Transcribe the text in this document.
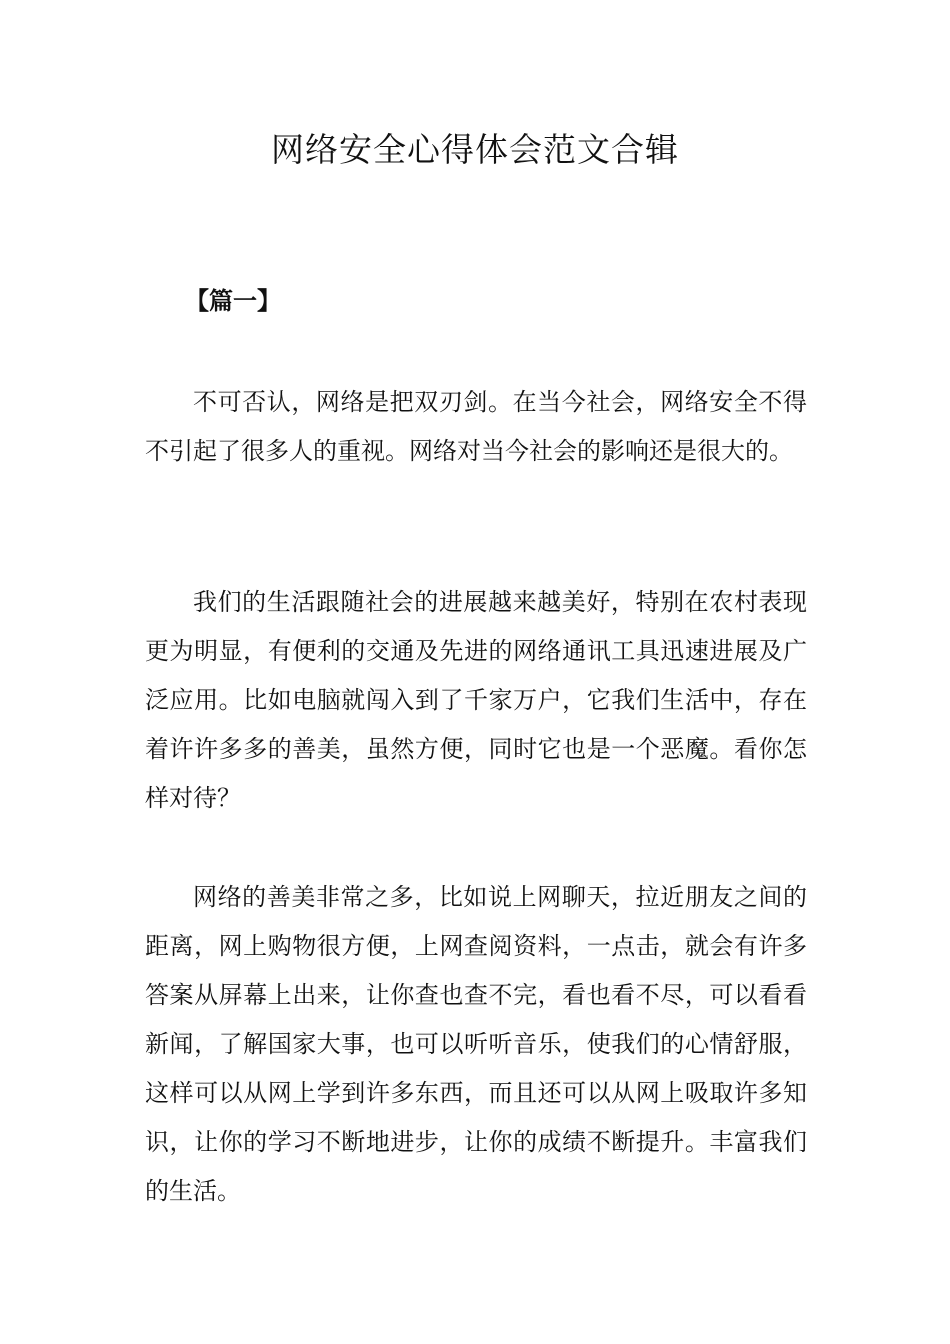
网络安全心得体会范文合辑

【篇一】

不可否认，网络是把双刃剑。在当今社会，网络安全不得不引起了很多人的重视。网络对当今社会的影响还是很大的。

我们的生活跟随社会的进展越来越美好，特别在农村表现更为明显，有便利的交通及先进的网络通讯工具迅速进展及广泛应用。比如电脑就闯入到了千家万户，它我们生活中，存在着许许多多的善美，虽然方便，同时它也是一个恶魔。看你怎样对待？

网络的善美非常之多，比如说上网聊天，拉近朋友之间的距离，网上购物很方便，上网查阅资料，一点击，就会有许多答案从屏幕上出来，让你查也查不完，看也看不尽，可以看看新闻，了解国家大事，也可以听听音乐，使我们的心情舒服，这样可以从网上学到许多东西，而且还可以从网上吸取许多知识，让你的学习不断地进步，让你的成绩不断提升。丰富我们的生活。
